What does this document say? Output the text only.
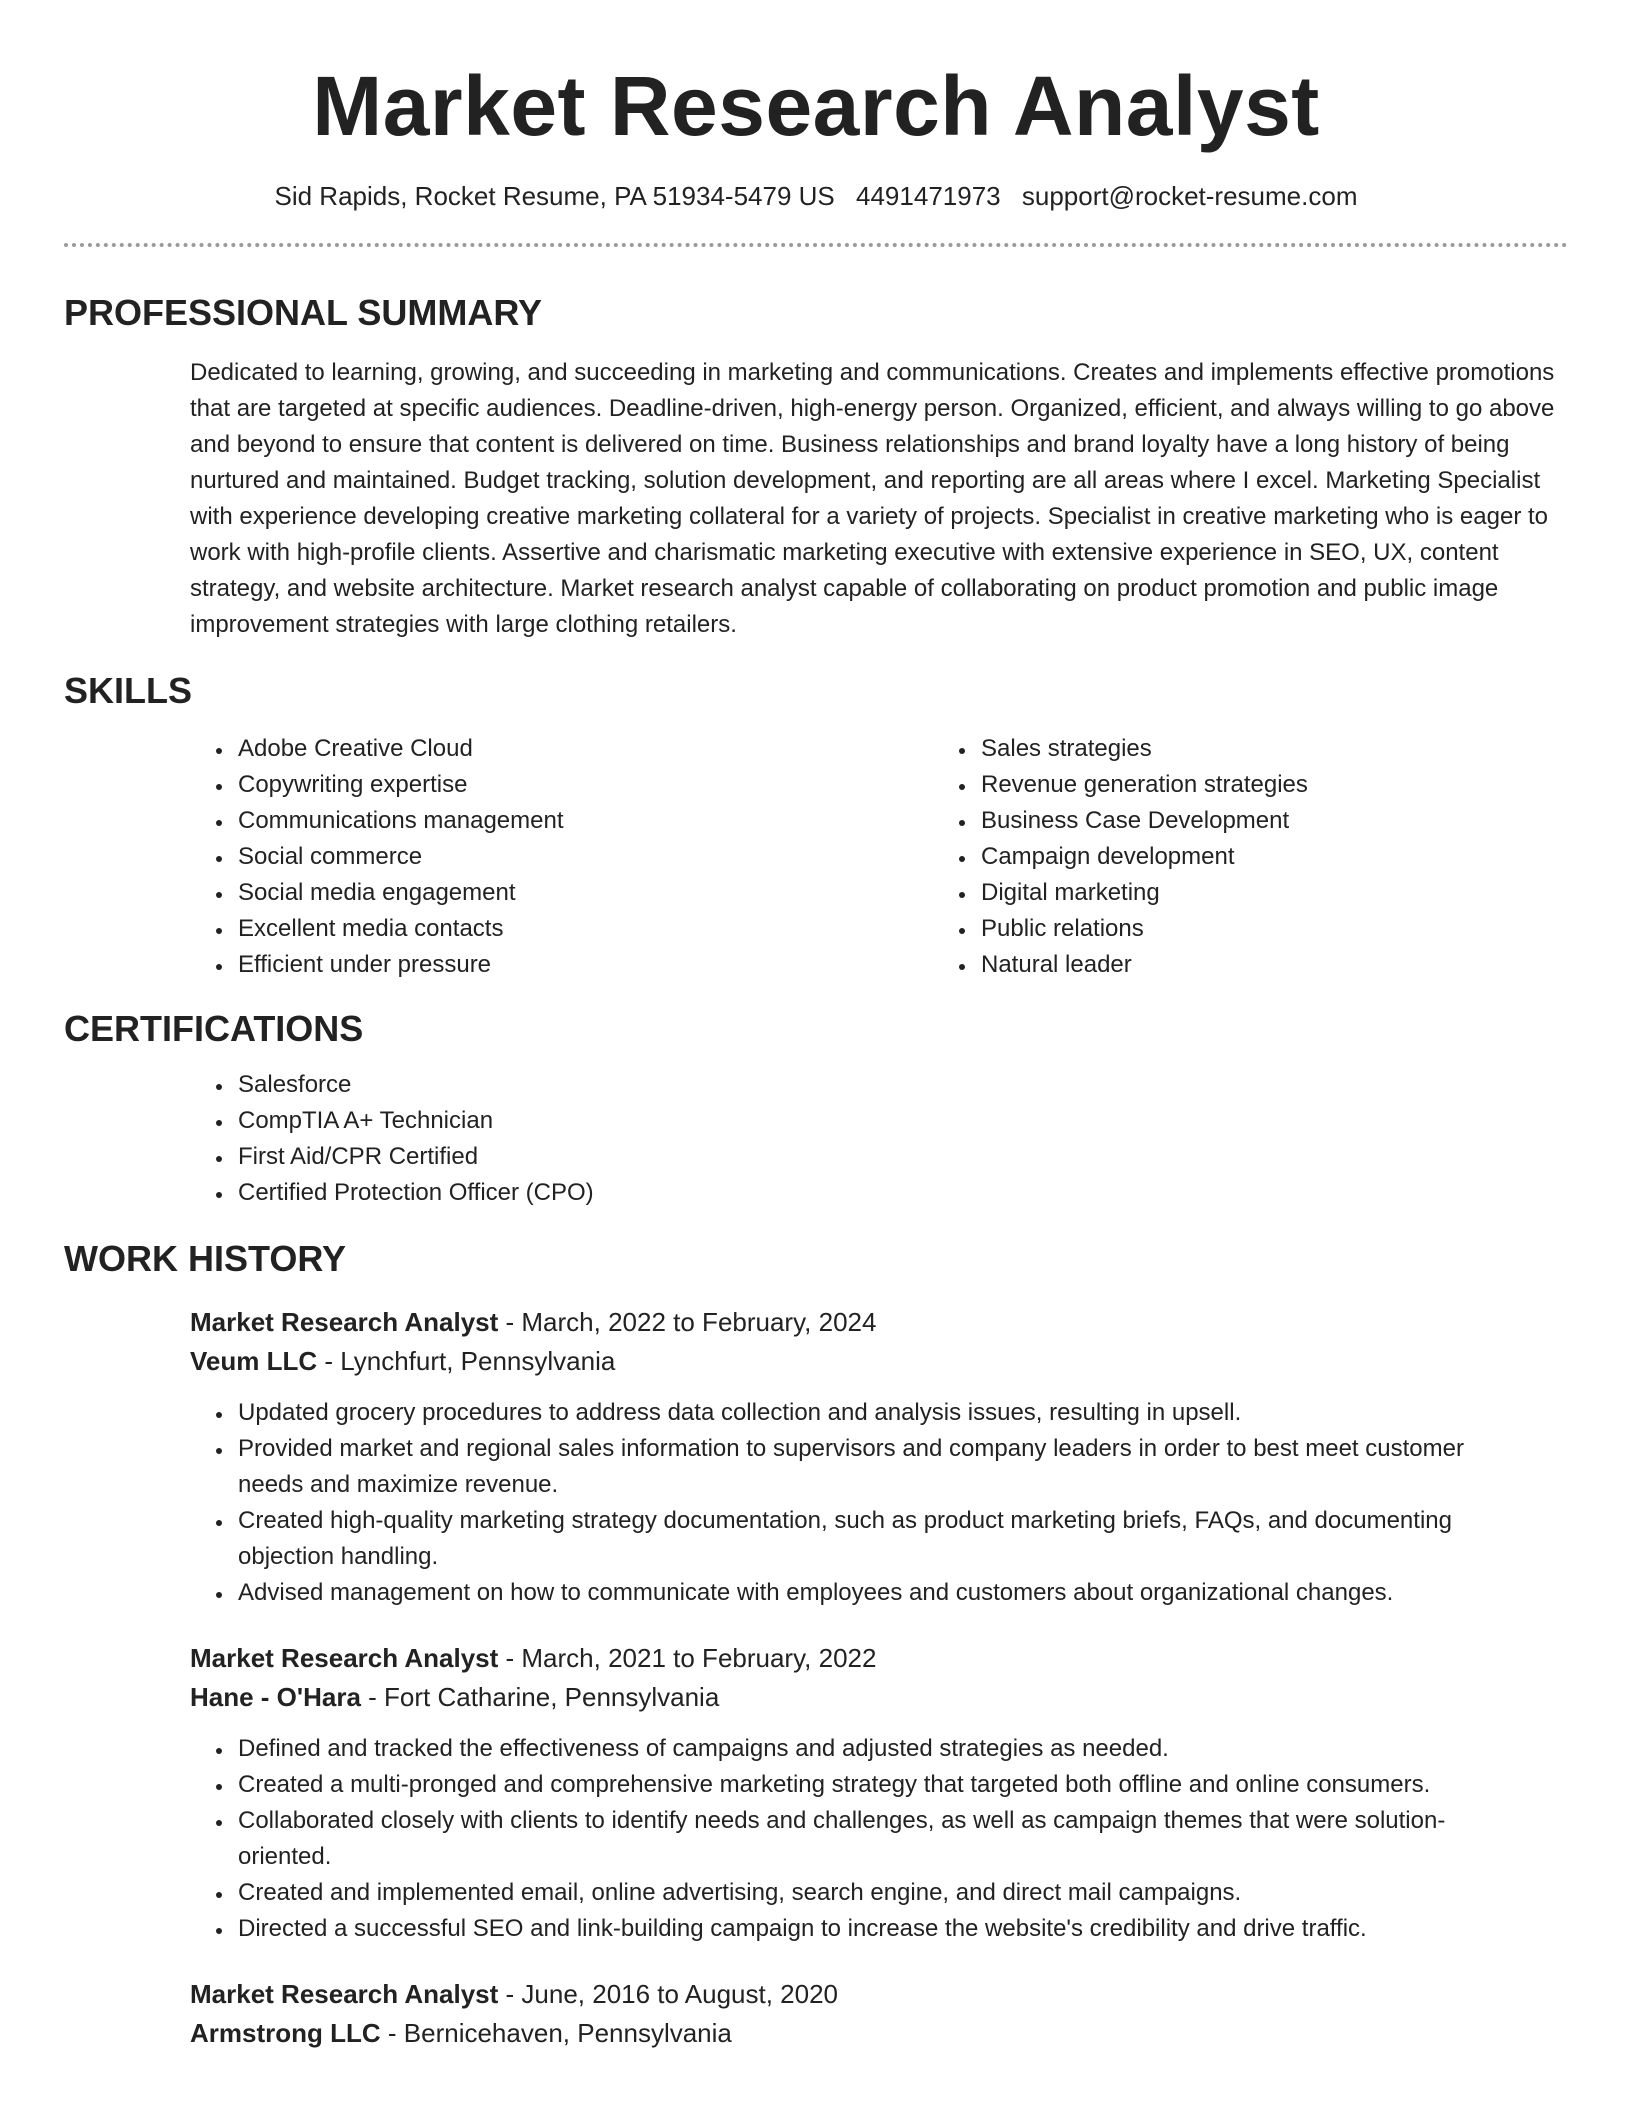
Market Research Analyst
Sid Rapids, Rocket Resume, PA 51934-5479 US 4491471973 support@rocket-resume.com
PROFESSIONAL SUMMARY

Dedicated to learning, growing, and succeeding in marketing and communications. Creates and implements effective promotions that are targeted at specific audiences. Deadline-driven, high-energy person. Organized, efficient, and always willing to go above and beyond to ensure that content is delivered on time. Business relationships and brand loyalty have a long history of being nurtured and maintained. Budget tracking, solution development, and reporting are all areas where I excel. Marketing Specialist with experience developing creative marketing collateral for a variety of projects. Specialist in creative marketing who is eager to work with high-profile clients. Assertive and charismatic marketing executive with extensive experience in SEO, UX, content strategy, and website architecture. Market research analyst capable of collaborating on product promotion and public image improvement strategies with large clothing retailers.

SKILLS
• Adobe Creative Cloud
• Copywriting expertise
• Communications management
• Social commerce
• Social media engagement
• Excellent media contacts
• Efficient under pressure
• Sales strategies
• Revenue generation strategies
• Business Case Development
• Campaign development
• Digital marketing
• Public relations
• Natural leader
CERTIFICATIONS
• Salesforce
• CompTIA A+ Technician
• First Aid/CPR Certified
• Certified Protection Officer (CPO)
WORK HISTORY
Market Research Analyst - March, 2022 to February, 2024
Veum LLC - Lynchfurt, Pennsylvania
• Updated grocery procedures to address data collection and analysis issues, resulting in upsell.
• Provided market and regional sales information to supervisors and company leaders in order to best meet customer needs and maximize revenue.
• Created high-quality marketing strategy documentation, such as product marketing briefs, FAQs, and documenting objection handling.
• Advised management on how to communicate with employees and customers about organizational changes.
Market Research Analyst - March, 2021 to February, 2022
Hane - O'Hara - Fort Catharine, Pennsylvania
• Defined and tracked the effectiveness of campaigns and adjusted strategies as needed.
• Created a multi-pronged and comprehensive marketing strategy that targeted both offline and online consumers.
• Collaborated closely with clients to identify needs and challenges, as well as campaign themes that were solution-oriented.
• Created and implemented email, online advertising, search engine, and direct mail campaigns.
• Directed a successful SEO and link-building campaign to increase the website's credibility and drive traffic.
Market Research Analyst - June, 2016 to August, 2020
Armstrong LLC - Bernicehaven, Pennsylvania
